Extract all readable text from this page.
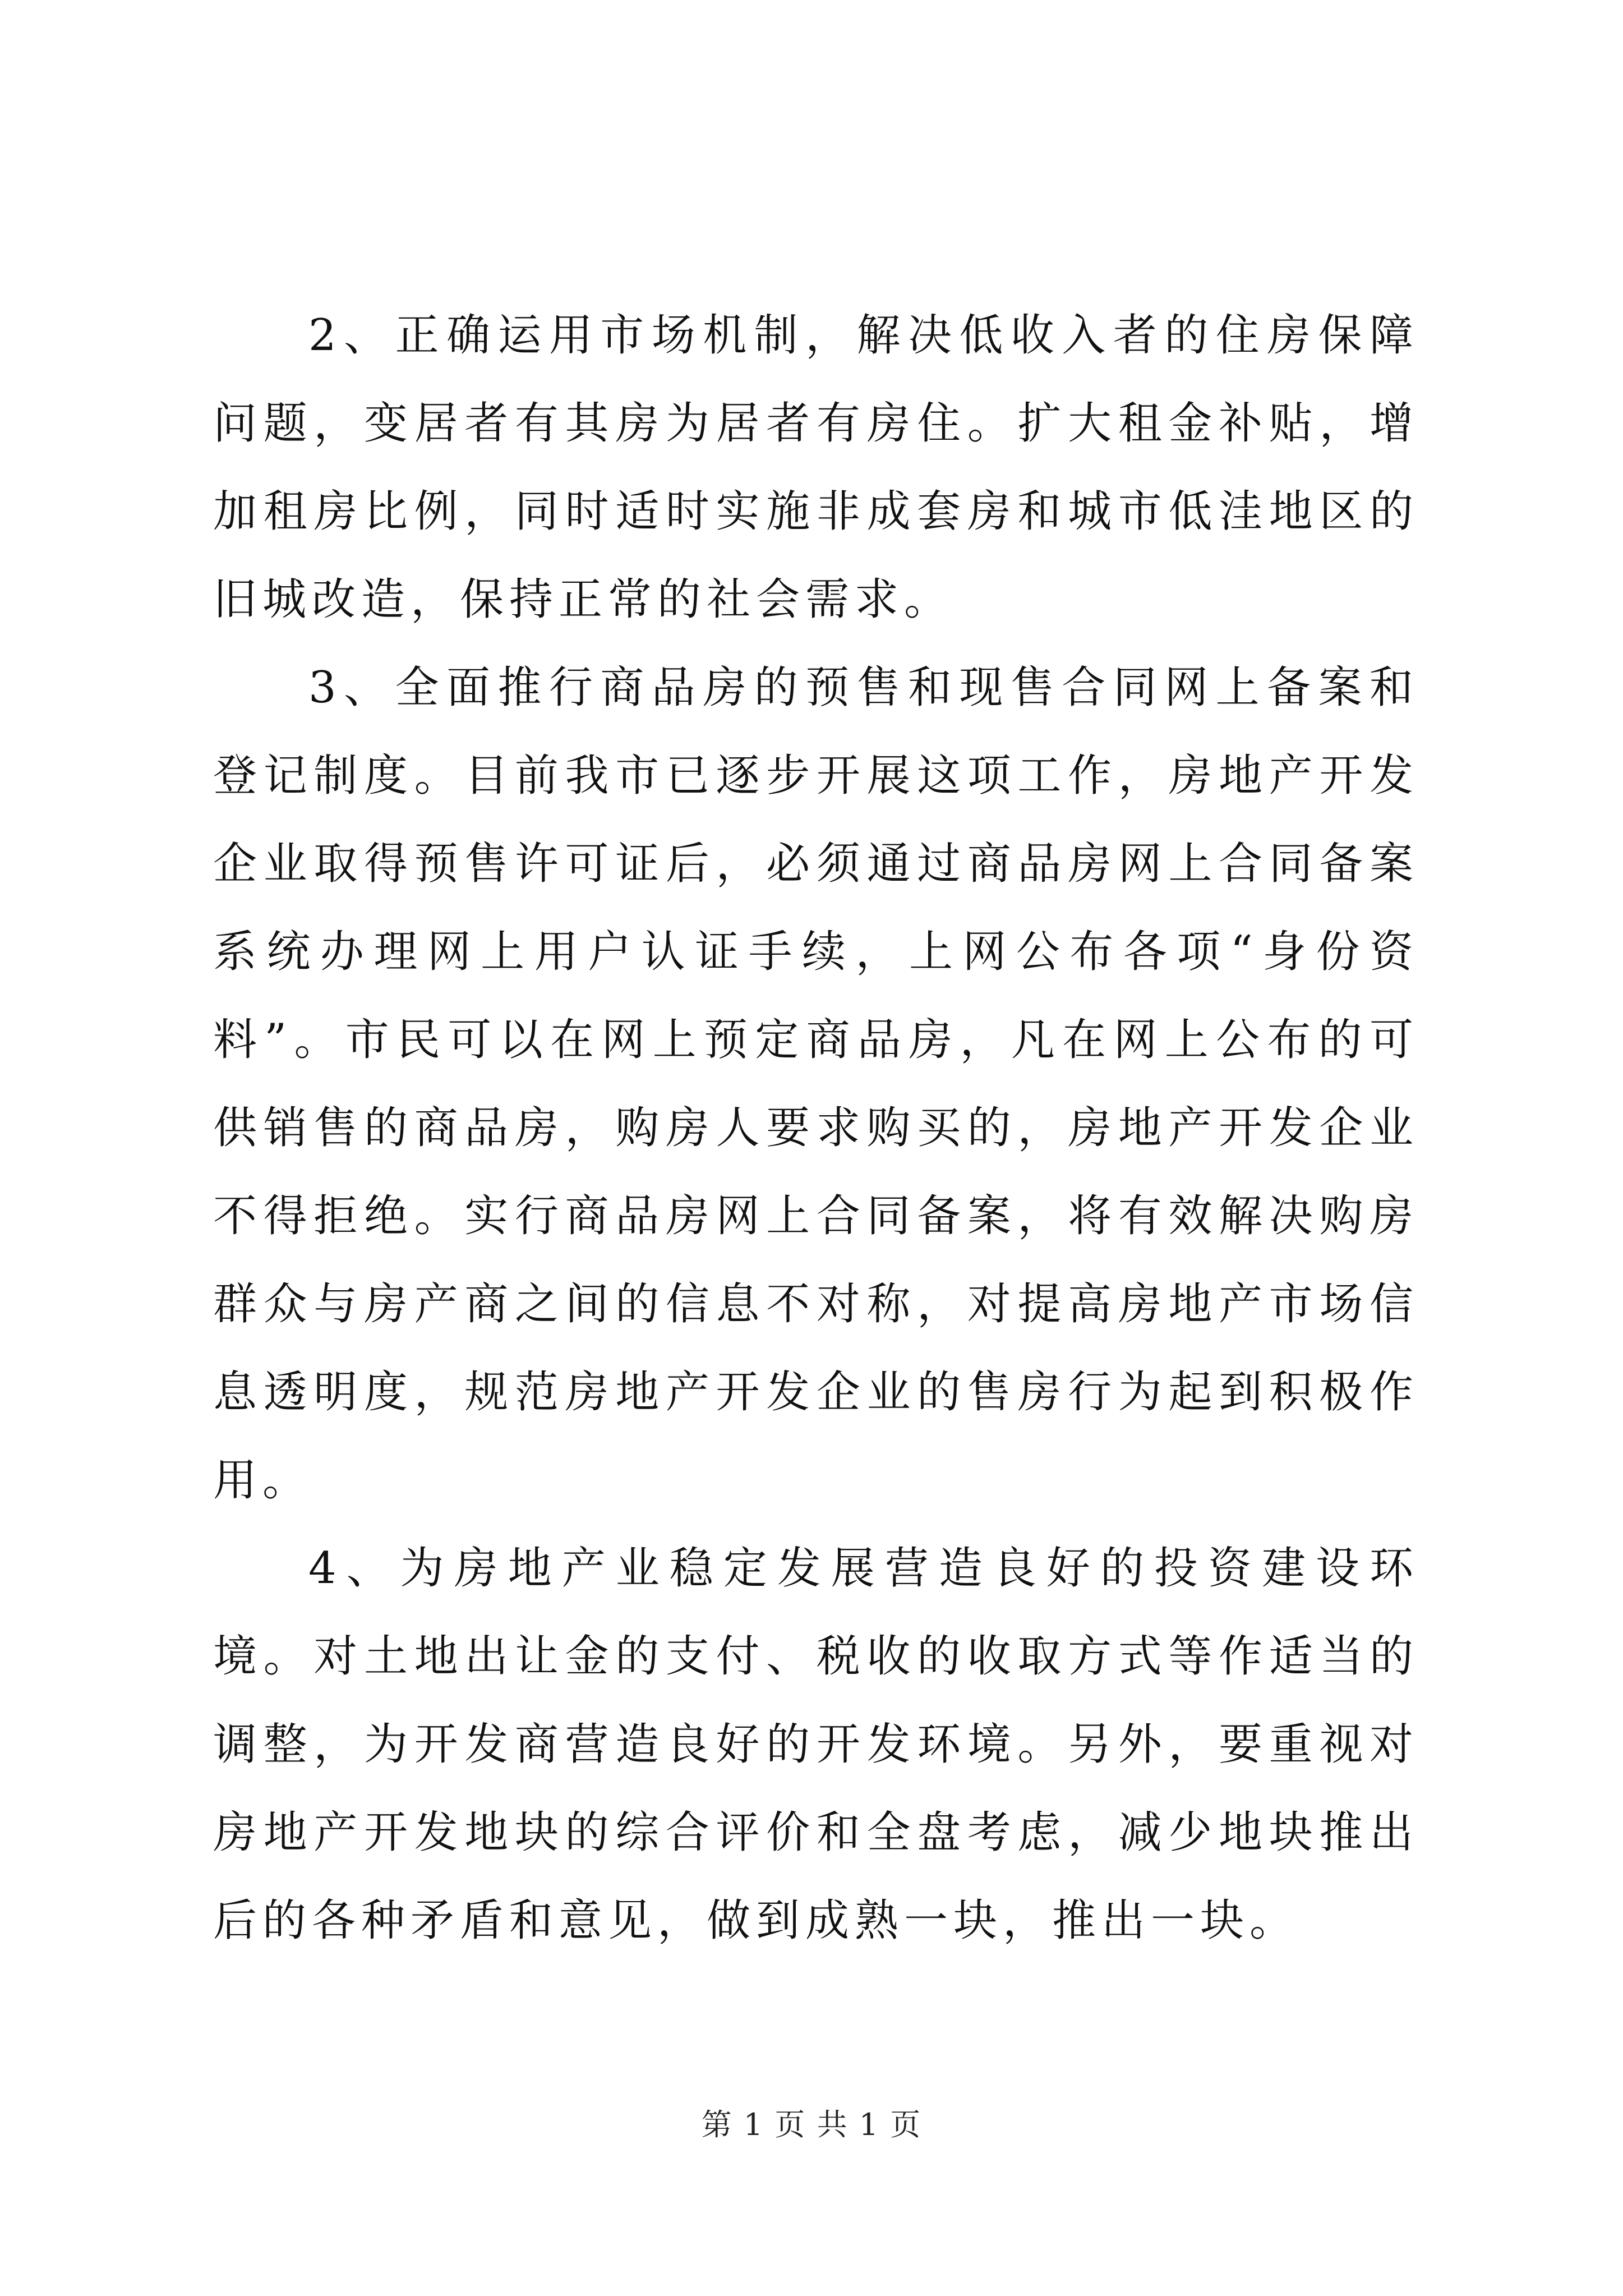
2、正确运用市场机制，解决低收入者的住房保障问题，变居者有其房为居者有房住。扩大租金补贴，增加租房比例，同时适时实施非成套房和城市低洼地区的旧城改造，保持正常的社会需求。

3、全面推行商品房的预售和现售合同网上备案和登记制度。目前我市已逐步开展这项工作，房地产开发企业取得预售许可证后，必须通过商品房网上合同备案系统办理网上用户认证手续，上网公布各项“身份资料”。市民可以在网上预定商品房，凡在网上公布的可供销售的商品房，购房人要求购买的，房地产开发企业不得拒绝。实行商品房网上合同备案，将有效解决购房群众与房产商之间的信息不对称，对提高房地产市场信息透明度，规范房地产开发企业的售房行为起到积极作用。

4、为房地产业稳定发展营造良好的投资建设环境。对土地出让金的支付、税收的收取方式等作适当的调整，为开发商营造良好的开发环境。另外，要重视对房地产开发地块的综合评价和全盘考虑，减少地块推出后的各种矛盾和意见，做到成熟一块，推出一块。

第 1 页 共 1 页
